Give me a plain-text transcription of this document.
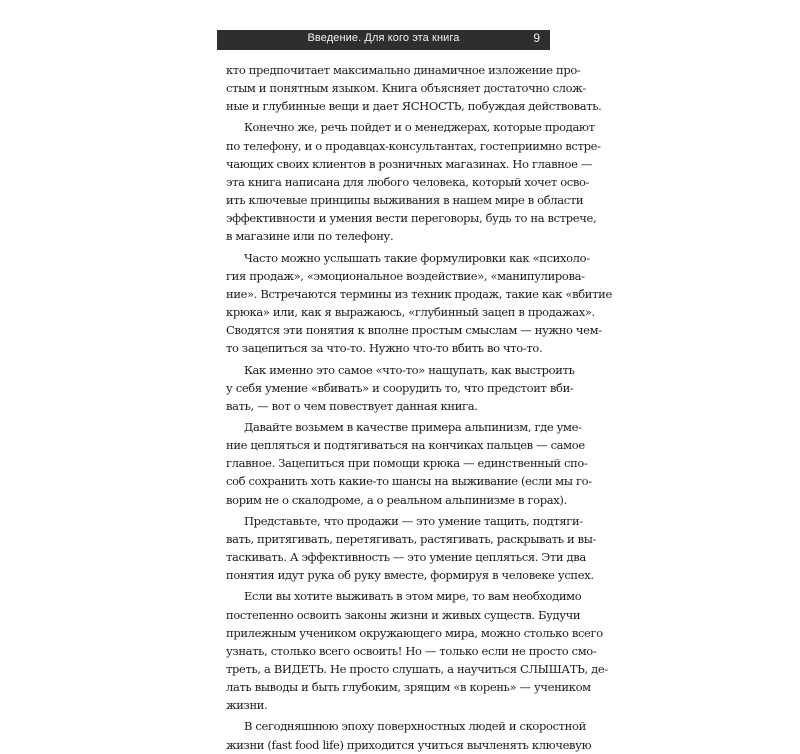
Введение. Для кого эта книга	9
кто предпочитает максимально динамичное изложение про-
стым и понятным языком. Книга объясняет достаточно слож-
ные и глубинные вещи и дает ЯСНОСТЬ, побуждая действовать.
Конечно же, речь пойдет и о менеджерах, которые продают
по телефону, и о продавцах-консультантах, гостеприимно встре-
чающих своих клиентов в розничных магазинах. Но главное —
эта книга написана для любого человека, который хочет осво-
ить ключевые принципы выживания в нашем мире в области
эффективности и умения вести переговоры, будь то на встрече,
в магазине или по телефону.
Часто можно услышать такие формулировки как «психоло-
гия продаж», «эмоциональное воздействие», «манипулирова-
ние». Встречаются термины из техник продаж, такие как «вбитие
крюка» или, как я выражаюсь, «глубинный зацеп в продажах».
Сводятся эти понятия к вполне простым смыслам — нужно чем-
то зацепиться за что-то. Нужно что-то вбить во что-то.
Как именно это самое «что-то» нащупать, как выстроить
у себя умение «вбивать» и соорудить то, что предстоит вби-
вать, — вот о чем повествует данная книга.
Давайте возьмем в качестве примера альпинизм, где уме-
ние цепляться и подтягиваться на кончиках пальцев — самое
главное. Зацепиться при помощи крюка — единственный спо-
соб сохранить хоть какие-то шансы на выживание (если мы го-
ворим не о скалодроме, а о реальном альпинизме в горах).
Представьте, что продажи — это умение тащить, подтяги-
вать, притягивать, перетягивать, растягивать, раскрывать и вы-
таскивать. А эффективность — это умение цепляться. Эти два
понятия идут рука об руку вместе, формируя в человеке успех.
Если вы хотите выживать в этом мире, то вам необходимо
постепенно освоить законы жизни и живых существ. Будучи
прилежным учеником окружающего мира, можно столько всего
узнать, столько всего освоить! Но — только если не просто смо-
треть, а ВИДЕТЬ. Не просто слушать, а научиться СЛЫШАТЬ, де-
лать выводы и быть глубоким, зрящим «в корень» — учеником
жизни.
В сегодняшнюю эпоху поверхностных людей и скоростной
жизни (fast food life) приходится учиться вычленять ключевую
